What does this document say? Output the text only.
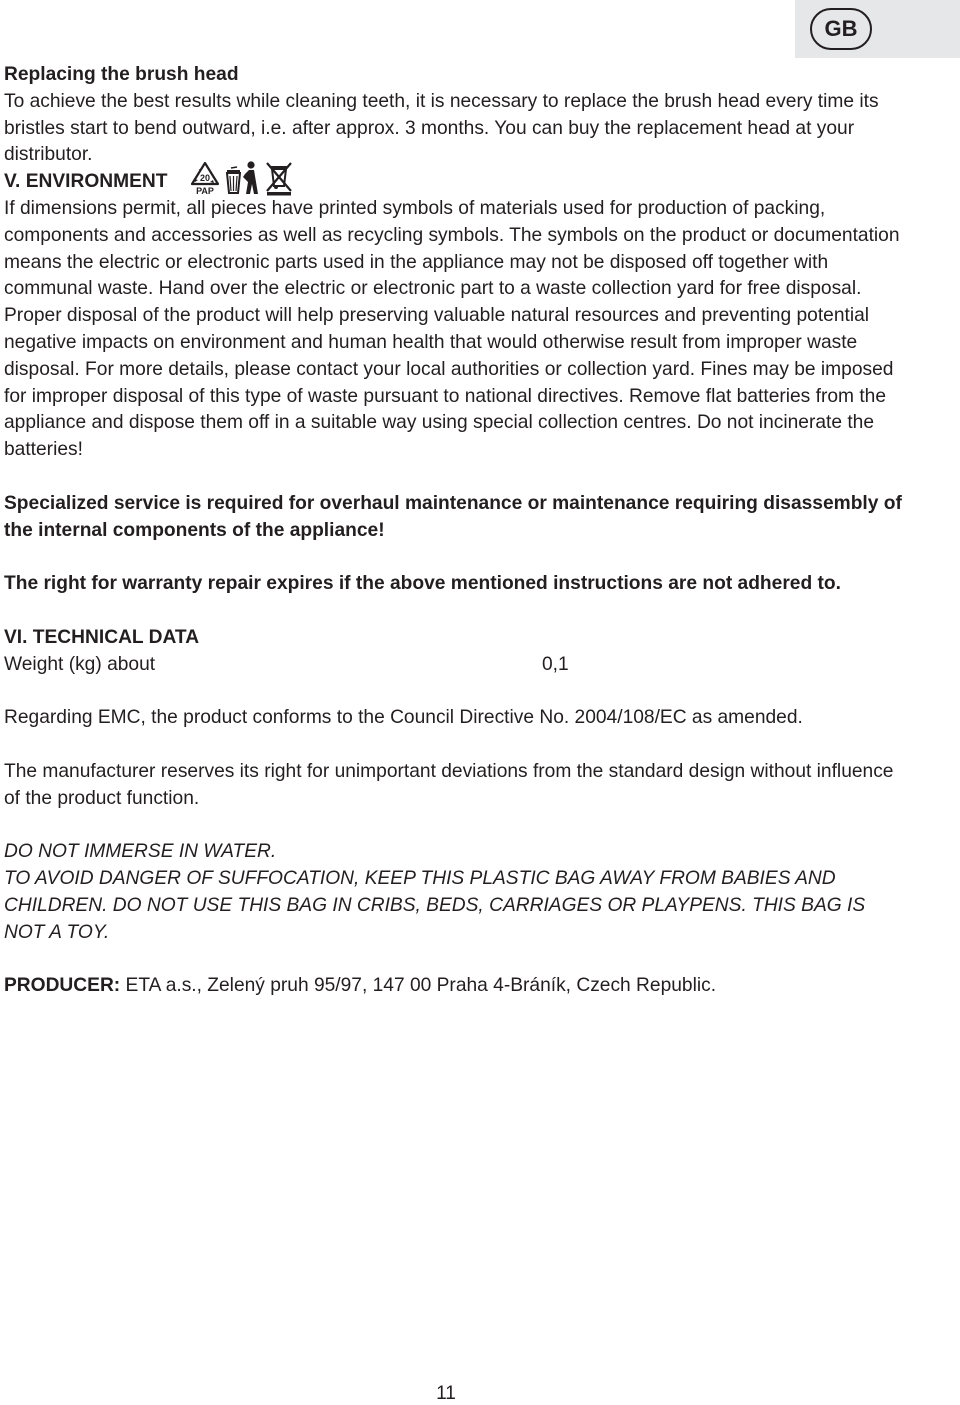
GB

Replacing the brush head

To achieve the best results while cleaning teeth, it is necessary to replace the brush head every time its bristles start to bend outward, i.e. after approx. 3 months. You can buy the replacement head at your distributor.

V. ENVIRONMENT	20
PAP

If dimensions permit, all pieces have printed symbols of materials used for production of packing, components and accessories as well as recycling symbols. The symbols on the product or documentation means the electric or electronic parts used in the appliance may not be disposed off together with communal waste. Hand over the electric or electronic part to a waste collection yard for free disposal. Proper disposal of the product will help preserving valuable natural resources and preventing potential negative impacts on environment and human health that would otherwise result from improper waste disposal. For more details, please contact your local authorities or collection yard. Fines may be imposed for improper disposal of this type of waste pursuant to national directives. Remove flat batteries from the appliance and dispose them off in a suitable way using special collection centres. Do not incinerate the batteries!

Specialized service is required for overhaul maintenance or maintenance requiring disassembly of the internal components of the appliance!

The right for warranty repair expires if the above mentioned instructions are not adhered to.

VI. TECHNICAL DATA

Weight (kg) about	0,1

Regarding EMC, the product conforms to the Council Directive No. 2004/108/EC as amended.

The manufacturer reserves its right for unimportant deviations from the standard design without influence of the product function.

DO NOT IMMERSE IN WATER.

TO AVOID DANGER OF SUFFOCATION, KEEP THIS PLASTIC BAG AWAY FROM BABIES AND CHILDREN. DO NOT USE THIS BAG IN CRIBS, BEDS, CARRIAGES OR PLAYPENS. THIS BAG IS NOT A TOY.

PRODUCER: ETA a.s., Zelený pruh 95/97, 147 00 Praha 4-Bráník, Czech Republic.

11
